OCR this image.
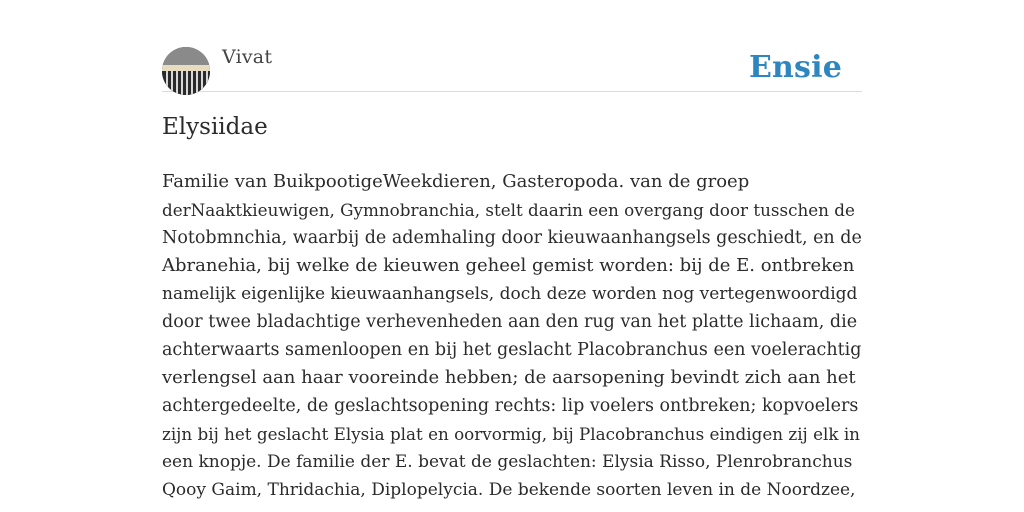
Vivat	Ensie
Elysiidae

Familie van BuikpootigeWeekdieren, Gasteropoda. van de groep
derNaaktkieuwigen, Gymnobranchia, stelt daarin een overgang door tusschen de
Notobmnchia, waarbij de ademhaling door kieuwaanhangsels geschiedt, en de
Abranehia, bij welke de kieuwen geheel gemist worden: bij de E. ontbreken
namelijk eigenlijke kieuwaanhangsels, doch deze worden nog vertegenwoordigd
door twee bladachtige verhevenheden aan den rug van het platte lichaam, die
achterwaarts samenloopen en bij het geslacht Placobranchus een voelerachtig
verlengsel aan haar vooreinde hebben; de aarsopening bevindt zich aan het
achtergedeelte, de geslachtsopening rechts: lip voelers ontbreken; kopvoelers
zijn bij het geslacht Elysia plat en oorvormig, bij Placobranchus eindigen zij elk in
een knopje. De familie der E. bevat de geslachten: Elysia Risso, Plenrobranchus
Qooy Gaim, Thridachia, Diplopelycia. De bekende soorten leven in de Noordzee,
